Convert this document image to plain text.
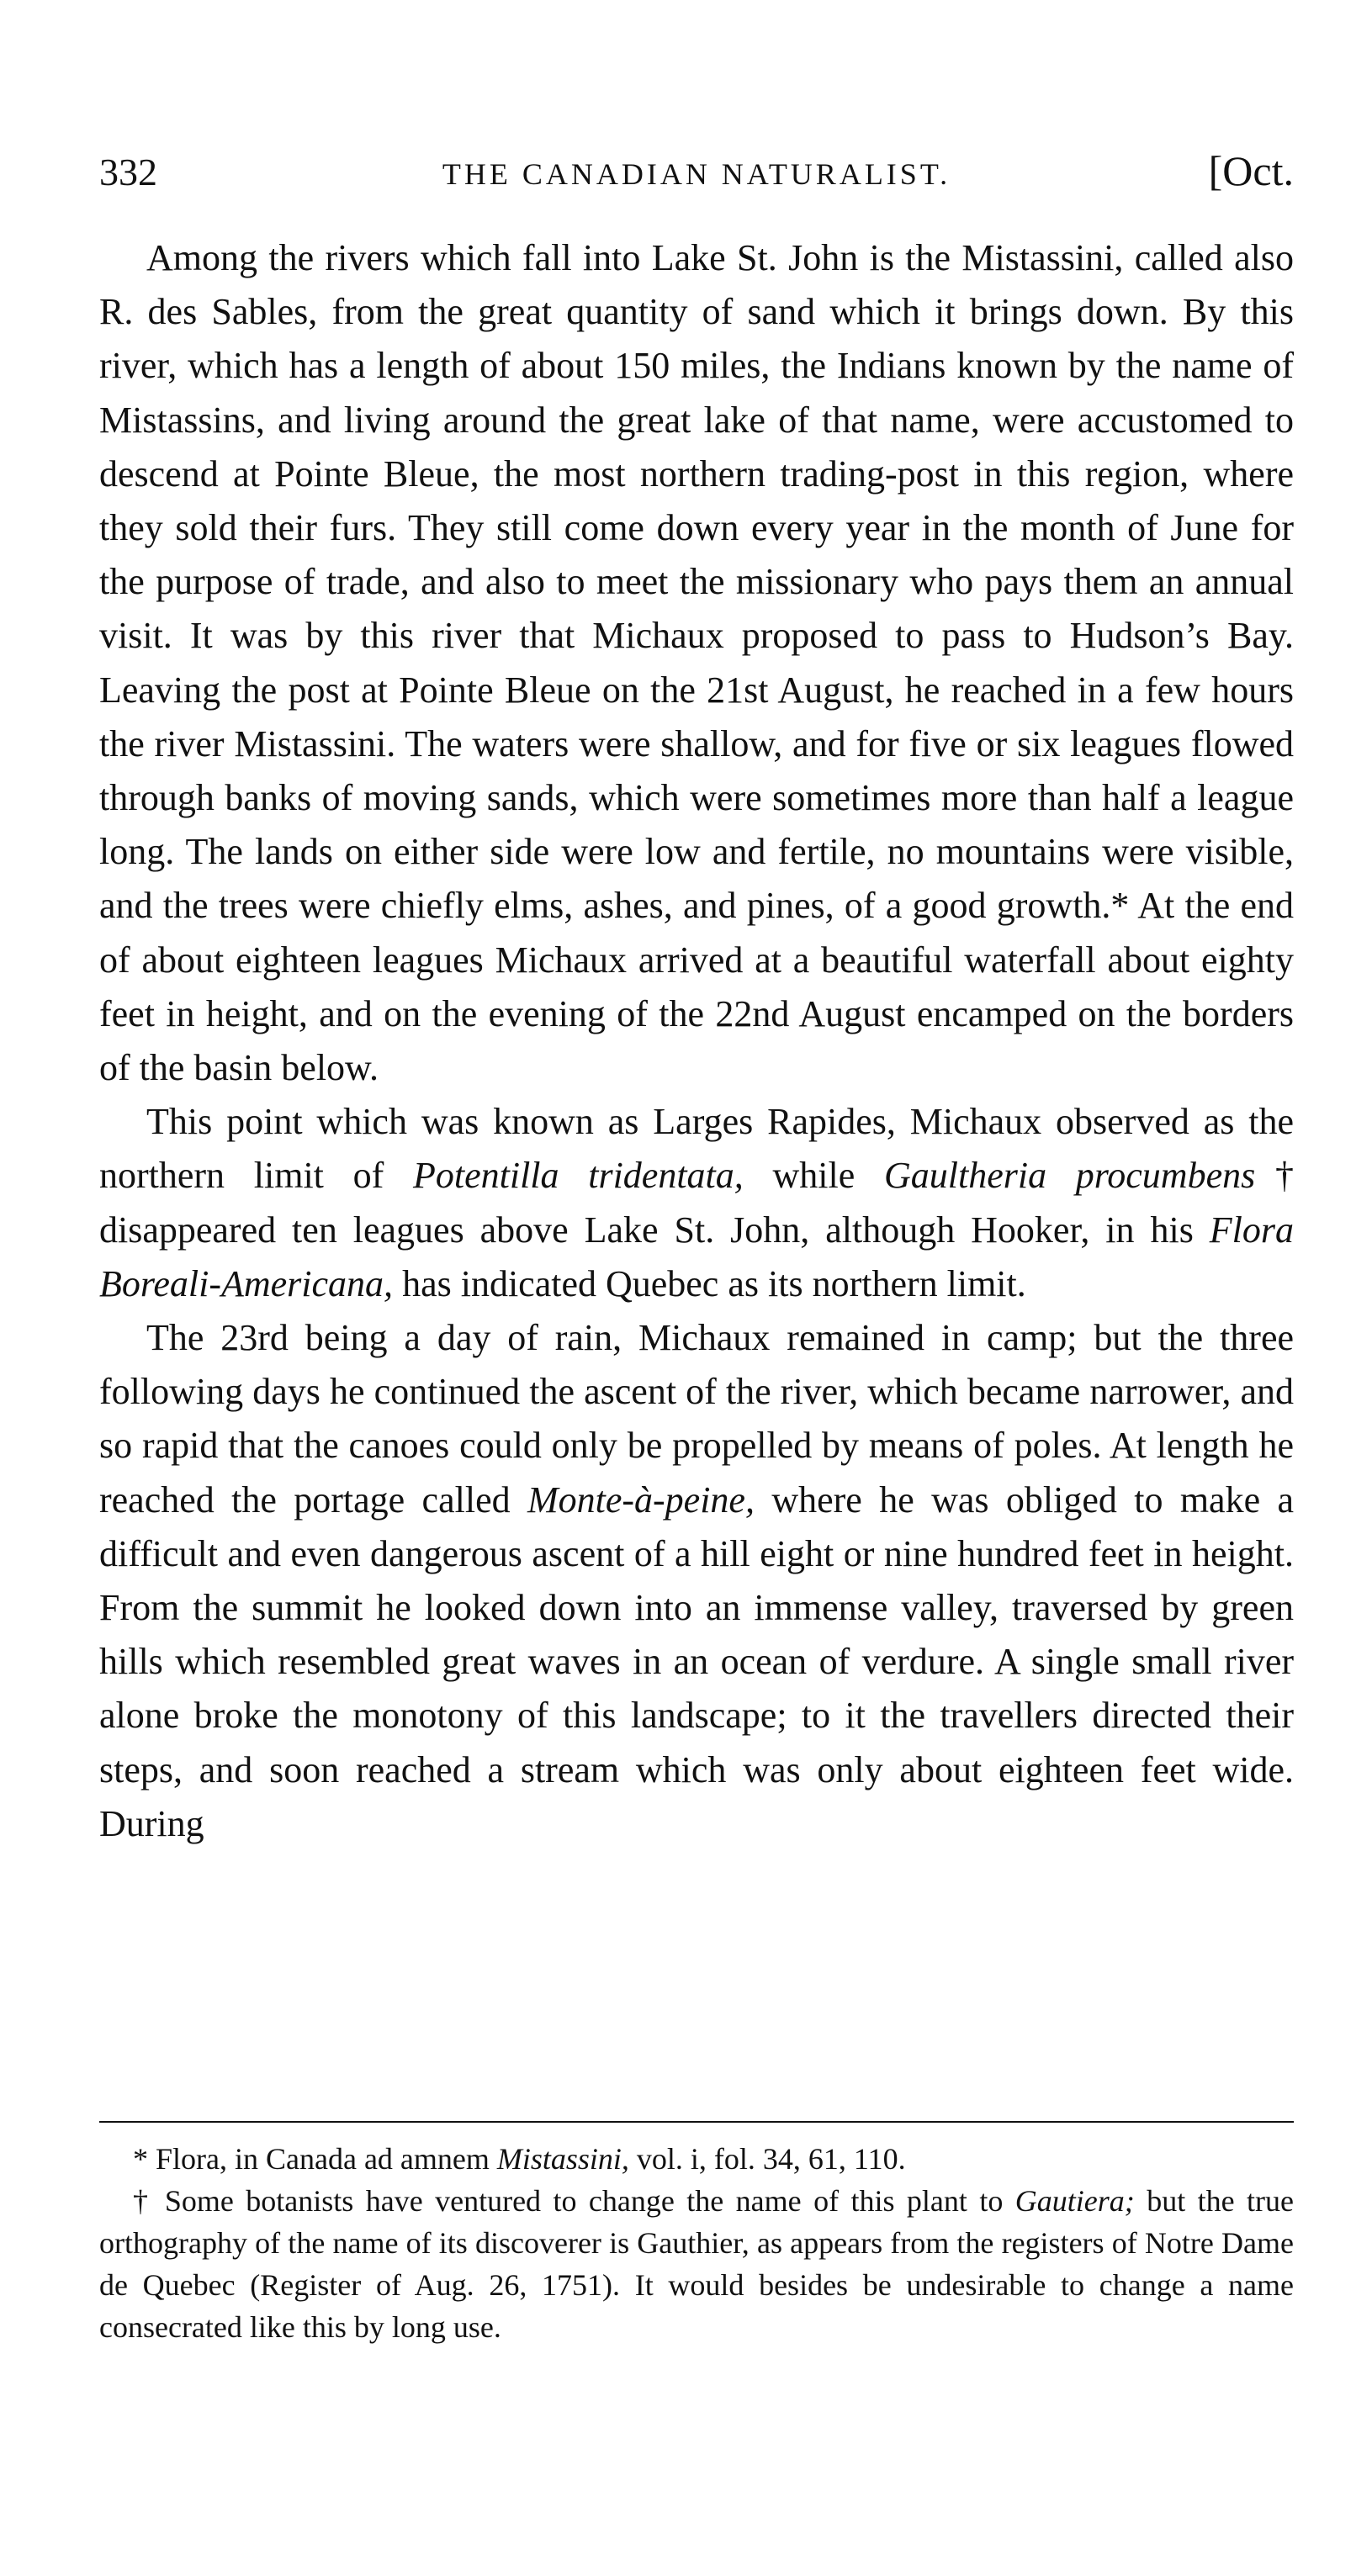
332	THE CANADIAN NATURALIST.	[Oct.

Among the rivers which fall into Lake St. John is the Mistassini, called also R. des Sables, from the great quantity of sand which it brings down. By this river, which has a length of about 150 miles, the Indians known by the name of Mistassins, and living around the great lake of that name, were accustomed to descend at Pointe Bleue, the most northern trading-post in this region, where they sold their furs. They still come down every year in the month of June for the purpose of trade, and also to meet the missionary who pays them an annual visit. It was by this river that Michaux proposed to pass to Hudson’s Bay. Leaving the post at Pointe Bleue on the 21st August, he reached in a few hours the river Mistassini. The waters were shallow, and for five or six leagues flowed through banks of moving sands, which were sometimes more than half a league long. The lands on either side were low and fertile, no mountains were visible, and the trees were chiefly elms, ashes, and pines, of a good growth.* At the end of about eighteen leagues Michaux arrived at a beautiful waterfall about eighty feet in height, and on the evening of the 22nd August encamped on the borders of the basin below.

This point which was known as Larges Rapides, Michaux observed as the northern limit of Potentilla tridentata, while Gaultheria procumbens† disappeared ten leagues above Lake St. John, although Hooker, in his Flora Boreali-Americana, has indicated Quebec as its northern limit.

The 23rd being a day of rain, Michaux remained in camp; but the three following days he continued the ascent of the river, which became narrower, and so rapid that the canoes could only be propelled by means of poles. At length he reached the portage called Monte-à-peine, where he was obliged to make a difficult and even dangerous ascent of a hill eight or nine hundred feet in height. From the summit he looked down into an immense valley, traversed by green hills which resembled great waves in an ocean of verdure. A single small river alone broke the monotony of this landscape; to it the travellers directed their steps, and soon reached a stream which was only about eighteen feet wide. During

* Flora, in Canada ad amnem Mistassini, vol. i, fol. 34, 61, 110.

† Some botanists have ventured to change the name of this plant to Gautiera; but the true orthography of the name of its discoverer is Gauthier, as appears from the registers of Notre Dame de Quebec (Register of Aug. 26, 1751). It would besides be undesirable to change a name consecrated like this by long use.
